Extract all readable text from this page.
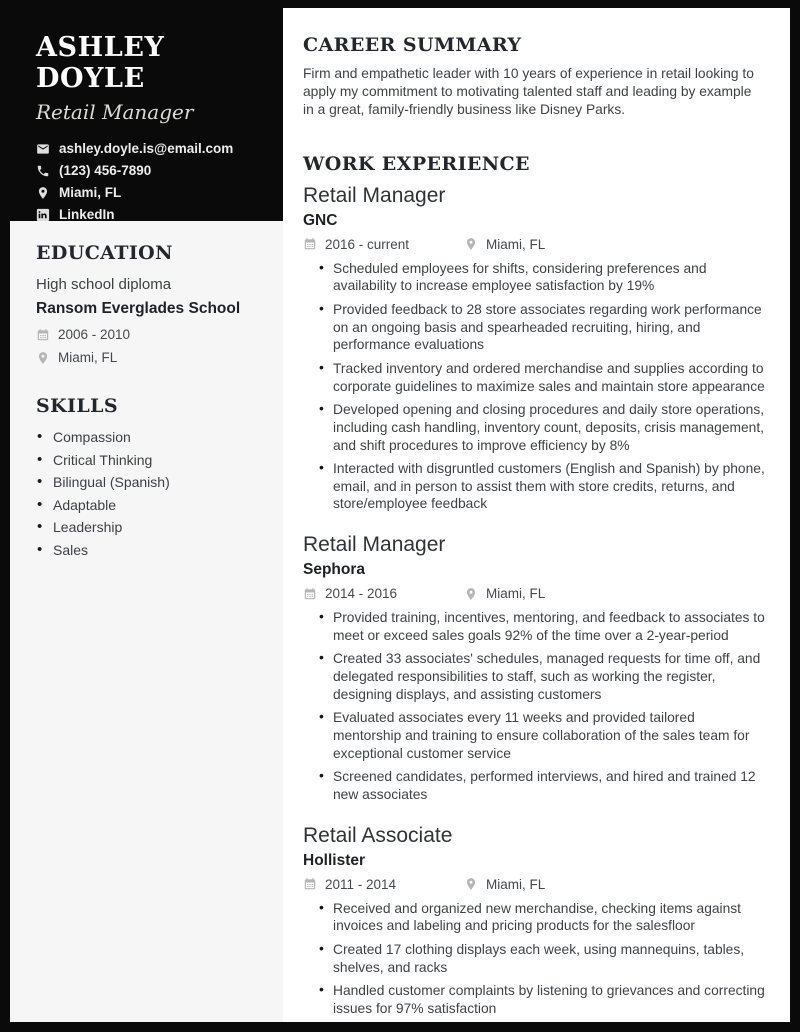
ASHLEY DOYLE
Retail Manager
ashley.doyle.is@email.com
(123) 456-7890
Miami, FL
LinkedIn
EDUCATION
High school diploma
Ransom Everglades School
2006 - 2010
Miami, FL
SKILLS
• Compassion
• Critical Thinking
• Bilingual (Spanish)
• Adaptable
• Leadership
• Sales
CAREER SUMMARY

Firm and empathetic leader with 10 years of experience in retail looking to apply my commitment to motivating talented staff and leading by example in a great, family-friendly business like Disney Parks.

WORK EXPERIENCE
Retail Manager
GNC
2016 - current	Miami, FL
• Scheduled employees for shifts, considering preferences and availability to increase employee satisfaction by 19%
• Provided feedback to 28 store associates regarding work performance on an ongoing basis and spearheaded recruiting, hiring, and performance evaluations
• Tracked inventory and ordered merchandise and supplies according to corporate guidelines to maximize sales and maintain store appearance
• Developed opening and closing procedures and daily store operations, including cash handling, inventory count, deposits, crisis management, and shift procedures to improve efficiency by 8%
• Interacted with disgruntled customers (English and Spanish) by phone, email, and in person to assist them with store credits, returns, and store/employee feedback
Retail Manager
Sephora
2014 - 2016	Miami, FL
• Provided training, incentives, mentoring, and feedback to associates to meet or exceed sales goals 92% of the time over a 2-year-period
• Created 33 associates' schedules, managed requests for time off, and delegated responsibilities to staff, such as working the register, designing displays, and assisting customers
• Evaluated associates every 11 weeks and provided tailored mentorship and training to ensure collaboration of the sales team for exceptional customer service
• Screened candidates, performed interviews, and hired and trained 12 new associates
Retail Associate
Hollister
2011 - 2014	Miami, FL
• Received and organized new merchandise, checking items against invoices and labeling and pricing products for the salesfloor
• Created 17 clothing displays each week, using mannequins, tables, shelves, and racks
• Handled customer complaints by listening to grievances and correcting issues for 97% satisfaction
